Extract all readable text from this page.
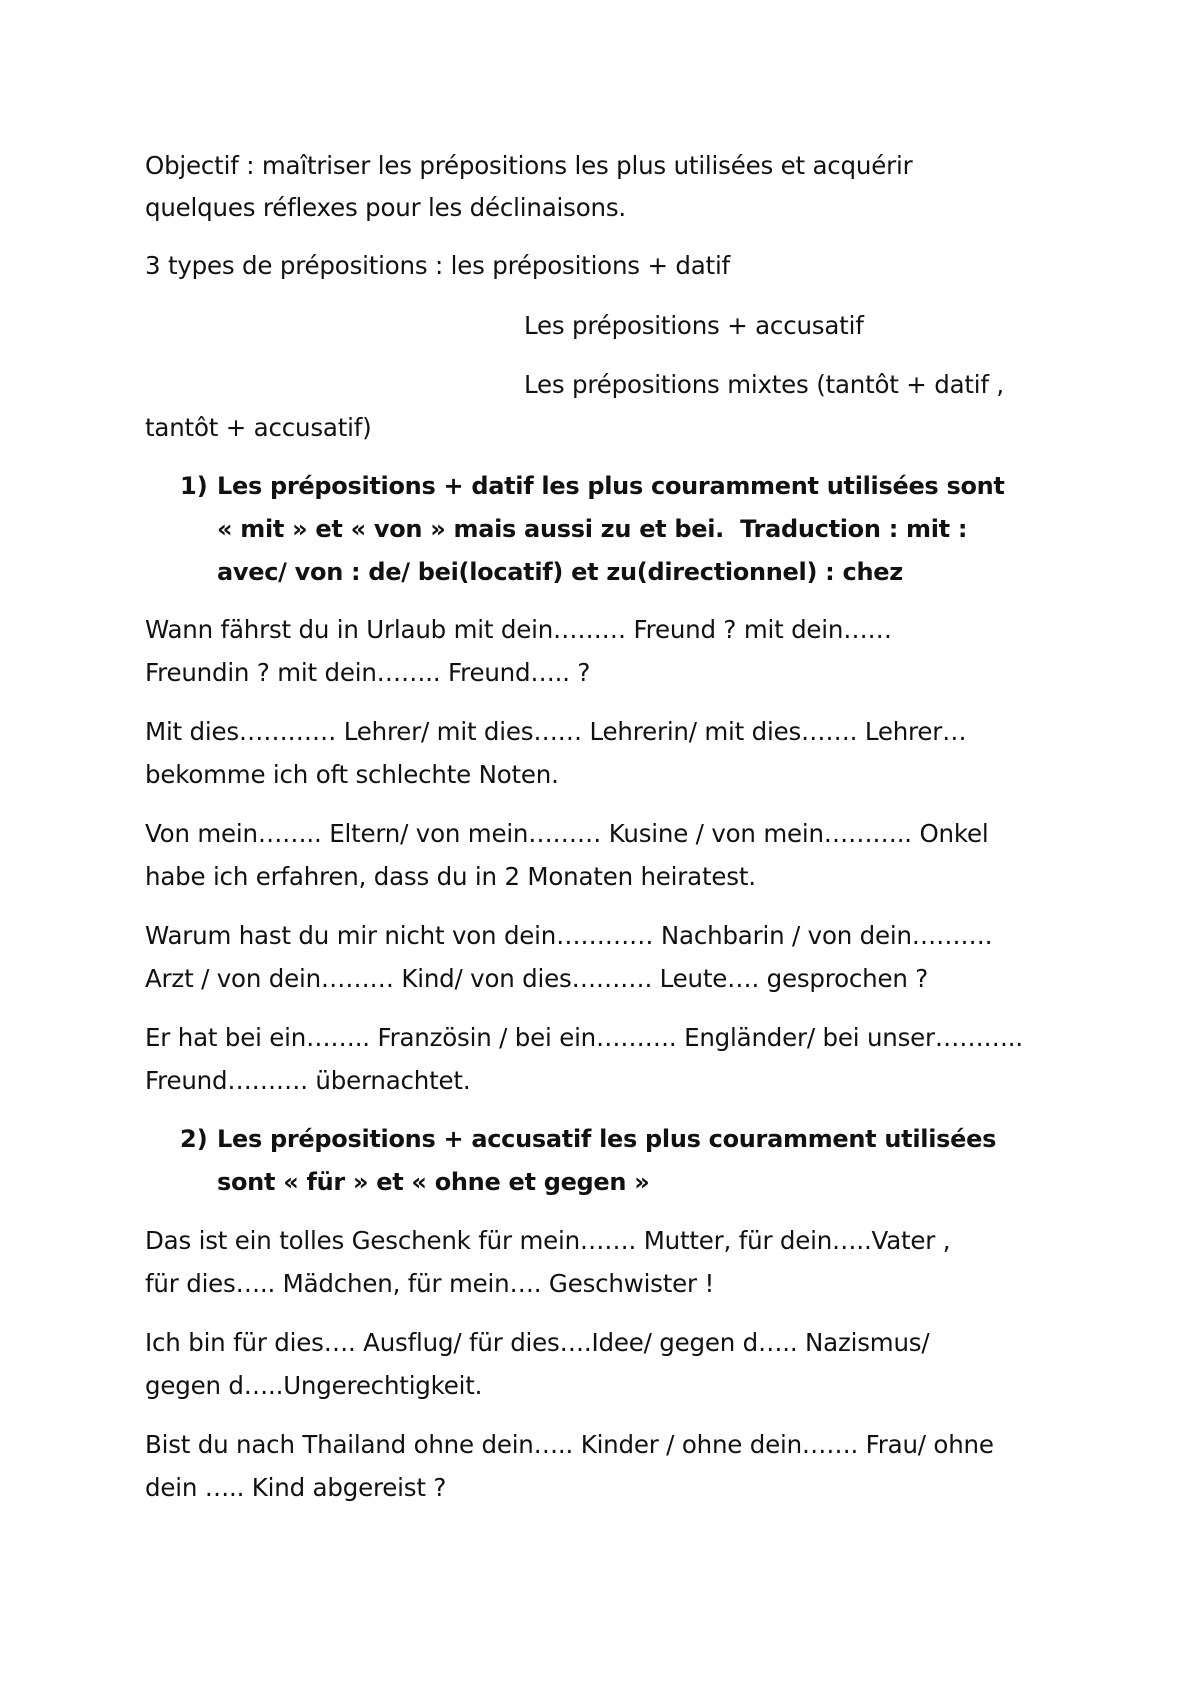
Objectif : maîtriser les prépositions les plus utilisées et acquérir
quelques réflexes pour les déclinaisons.
3 types de prépositions : les prépositions + datif
Les prépositions + accusatif
Les prépositions mixtes (tantôt + datif ,
tantôt + accusatif)
1) Les prépositions + datif les plus couramment utilisées sont
« mit » et « von » mais aussi zu et bei.  Traduction : mit :
avec/ von : de/ bei(locatif) et zu(directionnel) : chez
Wann fährst du in Urlaub mit dein……… Freund ? mit dein……
Freundin ? mit dein…….. Freund….. ?
Mit dies………… Lehrer/ mit dies…… Lehrerin/ mit dies……. Lehrer…
bekomme ich oft schlechte Noten.
Von mein…….. Eltern/ von mein……… Kusine / von mein……….. Onkel
habe ich erfahren, dass du in 2 Monaten heiratest.
Warum hast du mir nicht von dein………… Nachbarin / von dein……….
Arzt / von dein……… Kind/ von dies………. Leute…. gesprochen ?
Er hat bei ein…….. Französin / bei ein………. Engländer/ bei unser………..
Freund………. übernachtet.
2) Les prépositions + accusatif les plus couramment utilisées
sont « für » et « ohne et gegen »
Das ist ein tolles Geschenk für mein……. Mutter, für dein…..Vater ,
für dies….. Mädchen, für mein…. Geschwister !
Ich bin für dies…. Ausflug/ für dies….Idee/ gegen d….. Nazismus/
gegen d…..Ungerechtigkeit.
Bist du nach Thailand ohne dein….. Kinder / ohne dein……. Frau/ ohne
dein ….. Kind abgereist ?
